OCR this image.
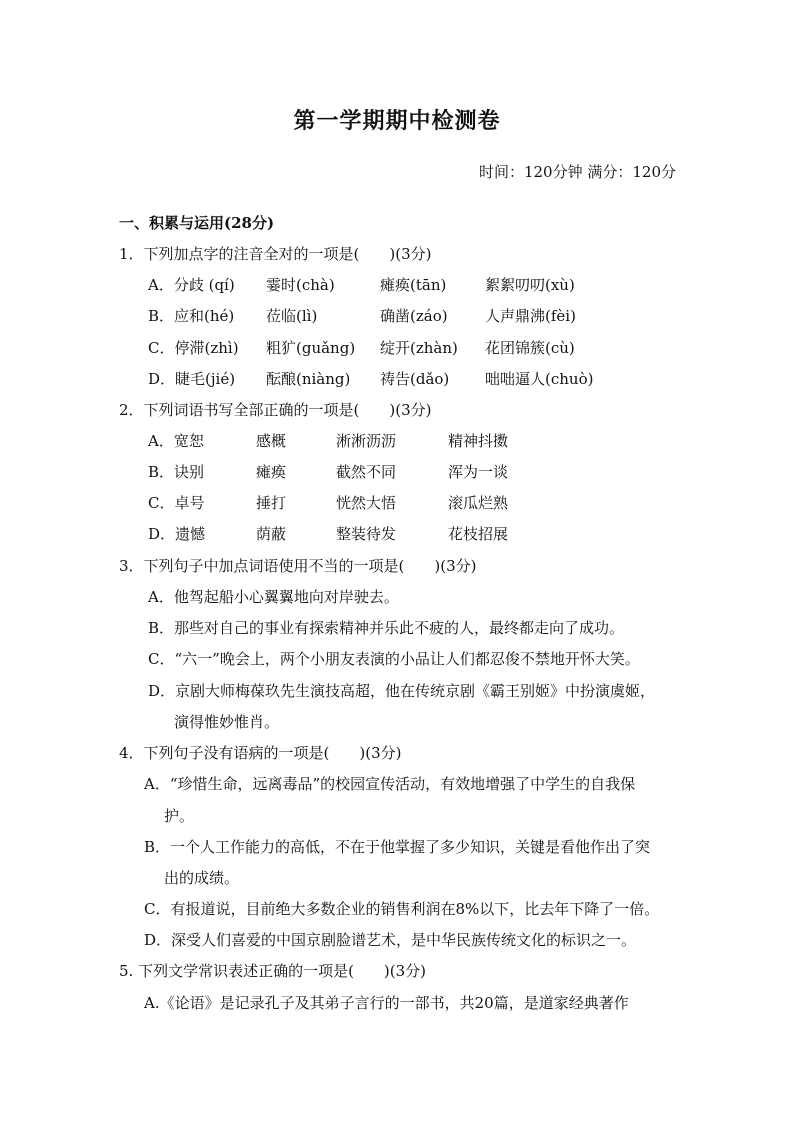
第一学期期中检测卷
时间：120分钟 满分：120分
一、积累与运用(28分)
1．下列加点字的注音全对的一项是(　　)(3分)
A．分歧 (qí) 霎时(chà)	瘫痪(tān)	絮絮叨叨(xù)
B．应和(hé) 莅临(lì)	确凿(záo) 人声鼎沸(fèi)
C．停滞(zhì) 粗犷(guǎng) 绽开(zhàn) 花团锦簇(cù)
D．睫毛(jié) 酝酿(niàng) 祷告(dǎo) 咄咄逼人(chuò)
2．下列词语书写全部正确的一项是(　　)(3分)
A．宽恕	感概	淅淅沥沥	精神抖擞
B．诀别	瘫痪	截然不同	浑为一谈
C．卓号	捶打	恍然大悟	滚瓜烂熟
D．遗憾	荫蔽	整装待发	花枝招展
3．下列句子中加点词语使用不当的一项是(　　)(3分)
A．他驾起船小心翼翼地向对岸驶去。
B．那些对自己的事业有探索精神并乐此不疲的人，最终都走向了成功。
C．“六一”晚会上，两个小朋友表演的小品让人们都忍俊不禁地开怀大笑。
D．京剧大师梅葆玖先生演技高超，他在传统京剧《霸王别姬》中扮演虞姬，
演得惟妙惟肖。
4．下列句子没有语病的一项是(　　)(3分)
A．“珍惜生命，远离毒品”的校园宣传活动，有效地增强了中学生的自我保
护。
B．一个人工作能力的高低，不在于他掌握了多少知识，关键是看他作出了突
出的成绩。
C．有报道说，目前绝大多数企业的销售利润在8%以下，比去年下降了一倍。
D．深受人们喜爱的中国京剧脸谱艺术，是中华民族传统文化的标识之一。
5. 下列文学常识表述正确的一项是(　　)(3分)
A.《论语》是记录孔子及其弟子言行的一部书，共20篇，是道家经典著作
